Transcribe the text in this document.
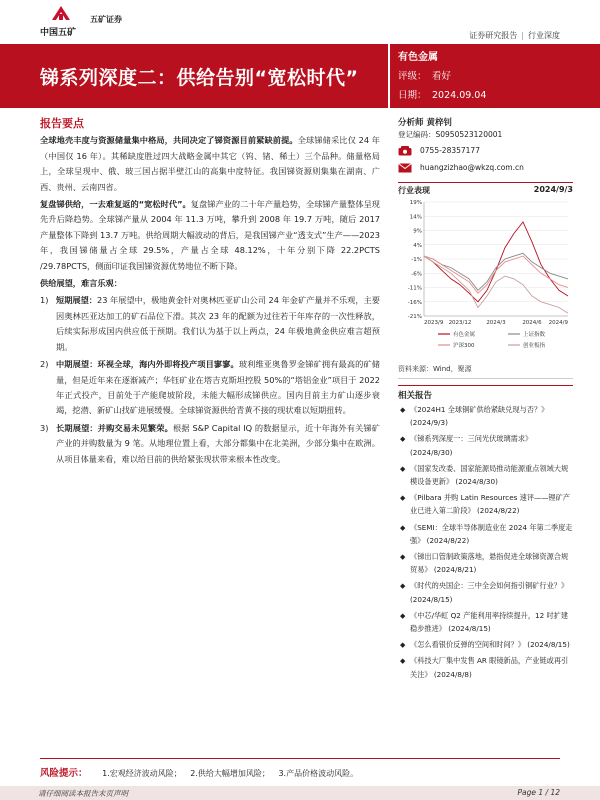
中国五矿
五矿证券
证券研究报告 | 行业深度
锑系列深度二：供给告别“宽松时代”
有色金属
评级： 看好
日期： 2024.09.04
报告要点
全球地壳丰度与资源储量集中格局，共同决定了锑资源目前紧缺前提。全球锑储采比仅 24 年（中国仅 16 年）。其稀缺度胜过四大战略金属中其它（钨、锗、稀土）三个品种。储量格局上，全球呈现中、俄、玻三国占据半壁江山的高集中度特征。我国锑资源则集集在湖南、广西、贵州、云南四省。
复盘锑供给，一去难复返的“宽松时代”。复盘锑产业的二十年产量趋势，全球锑产量整体呈现先升后降趋势。全球锑产量从 2004 年 11.3 万吨，攀升到 2008 年 19.7 万吨，随后 2017 产量整体下降到 13.7 万吨。供给周期大幅波动的背后，是我国锑产业“透支式”生产——2023 年，我国锑储量占全球 29.5%，产量占全球 48.12%，十年分别下降 22.2PCTS /29.78PCTS，侧面印证我国锑资源优势地位不断下降。
供给展望，难言乐观：
1) 短期展望：23 年展望中，极地黄金针对奥林匹亚矿山公司 24 年金矿产量并不乐观，主要因奥林匹亚达加工的矿石品位下滑。其次 23 年的配额为过往若干年库存的一次性释放，后续实际形成国内供应低于预期。我们认为基于以上两点，24 年极地黄金供应难言超预期。
2) 中期展望：环视全球，海内外即将投产项目寥寥。玻利维亚奥鲁罗金锑矿拥有最高的矿储量，但是近年来在逐渐减产；华钰矿业在塔吉克斯坦控股 50%的“塔铝金业”项目于 2022 年正式投产，目前处于产能爬坡阶段，未能大幅形成锑供应。国内目前主力矿山逐步衰竭，挖潜、新矿山找矿进展缓慢。全球锑资源供给青黄不接的现状难以短期扭转。
3) 长期展望：并购交易未见繁荣。根据 S&P Capital IQ 的数据显示，近十年海外有关锑矿产业的并购数量为 9 笔。从地理位置上看，大部分都集中在北美洲，少部分集中在欧洲。从项目体量来看，难以给目前的供给紧张现状带来根本性改变。
分析师 黄梓钊
登记编码：S0950523120001
0755-28357177
huangzizhao@wkzq.com.cn
行业表现	2024/9/3
19%
14%
9%
4%
-1%
-6%
-11%
-16%
-21%
2023/9 2023/12	2024/3	2024/6 2024/9
有色金属	上证指数
沪深300	创业板指
资料来源：Wind，聚源
相关报告
◆ 《2024H1 全球铜矿供给紧缺兑现与否？》 (2024/9/3)
◆ 《锑系列深度一：三问光伏玻璃需求》 (2024/8/30)
◆ 《国家发改委、国家能源局推动能源重点领域大规模设备更新》 (2024/8/30)
◆ 《Pilbara 并购 Latin Resources 速评——锂矿产业已进入第二阶段》 (2024/8/22)
◆ 《SEMI：全球半导体制造业在 2024 年第二季度走强》 (2024/8/22)
◆ 《锑出口管制政策落地，悬指促进全球锑资源合规贸易》 (2024/8/21)
◆ 《时代的央国企：三中全会如何指引铜矿行业？》 (2024/8/15)
◆ 《中芯/华虹 Q2 产能利用率持续提升，12 吋扩建稳步推进》 (2024/8/15)
◆ 《怎么看银价反弹的空间和时间？》 (2024/8/15)
◆ 《科技大厂集中发售 AR 眼镜新品，产业链或再引关注》 (2024/8/8)
风险提示： 1.宏观经济波动风险； 2.供给大幅增加风险； 3.产品价格波动风险。
请仔细阅读本报告末页声明	Page 1 / 12
